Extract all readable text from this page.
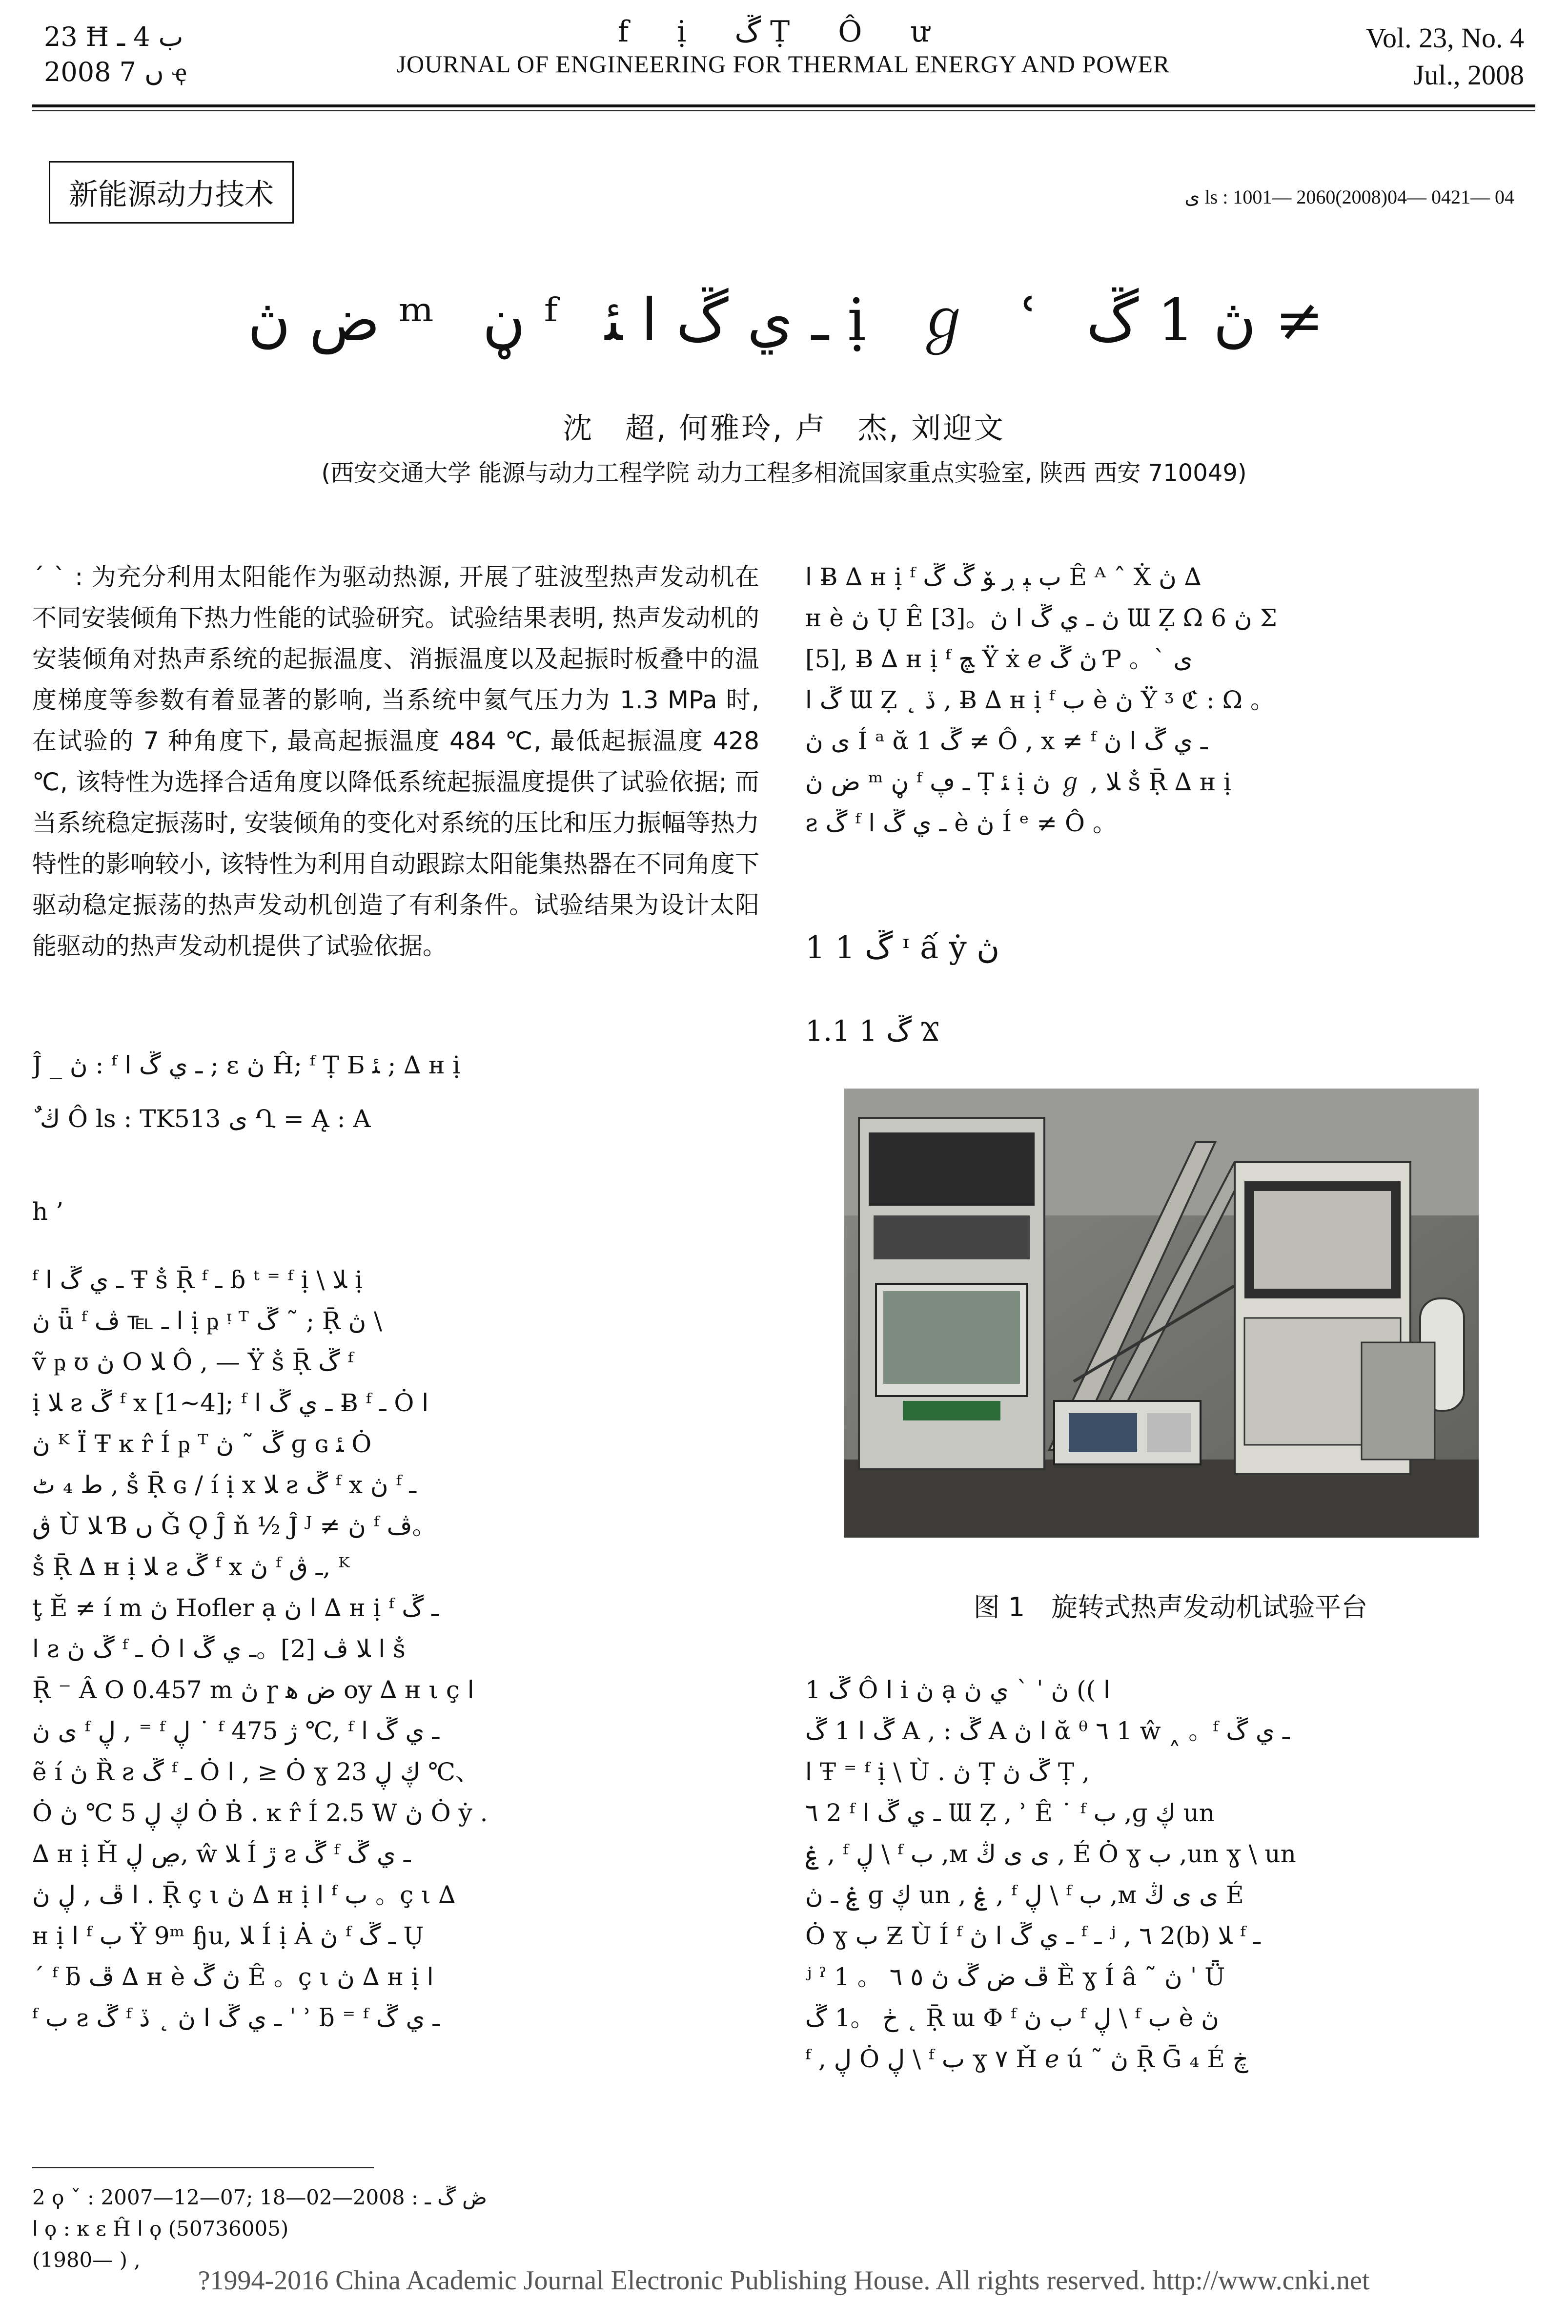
23 Ħ ب 4 ـ
2008 ں 7 ҿ
f ị ڱ Ṭ Ô ư
JOURNAL OF ENGINEERING FOR THERMAL ENERGY AND POWER
Vol. 23, No. 4
Jul., 2008
新能源动力技术	ى ls : 1001— 2060(2008)04— 0421— 04
ض ڽ ᵐ ڼ ᶠ ـ ي ڱ ا ﺌ ị ℊ ʿ ڽ 1 ڱ ≠
沈　超, 何雅玲, 卢　杰, 刘迎文
(西安交通大学 能源与动力工程学院 动力工程多相流国家重点实验室, 陕西 西安 710049)
ˊ ˋ : 为充分利用太阳能作为驱动热源, 开展了驻波型热声发动机在不同安装倾角下热力性能的试验研究。试验结果表明, 热声发动机的安装倾角对热声系统的起振温度、消振温度以及起振时板叠中的温度梯度等参数有着显著的影响, 当系统中氦气压力为 1.3 MPa 时, 在试验的 7 种角度下, 最高起振温度 484 ℃, 最低起振温度 428 ℃, 该特性为选择合适角度以降低系统起振温度提供了试验依据; 而当系统稳定振荡时, 安装倾角的变化对系统的压比和压力振幅等热力特性的影响较小, 该特性为利用自动跟踪太阳能集热器在不同角度下驱动稳定振荡的热声发动机创造了有利条件。试验结果为设计太阳能驱动的热声发动机提供了试验依据。
Ĵ _ ڽ : ᶠ ـ ي ڱ ا ; ɛ ڽ Ĥ; ᶠ Ṭ Ƃ ﺌ ; ∆ ʜ ị
ٌ ڬ Ô ls : TK513 ى Ղ = Ą : A
h ’
ᶠ ـ ي ڱ ا Ŧ ṧ Ṝ ᶠ ـ ɓ ᵗ ⁼ ᶠ ị \ ﻼ ị
ڽ ǖ ᶠ ا ـ ℡ ﭪ ị ҏ ᵎ ᵀ ڱ ˜ ; Ṝ ڽ \
ṽ ҏ ʊ ڽ O ﻼ Ô , — Ÿ ṧ Ṝ ڱ ᶠ
ị ﻼ ƨ ڱ ᶠ x [1~4]; ᶠ ـ ي ڱ ا Ƀ ᶠ ـ Ȯ ا
ڽ ᴷ Ï Ŧ ĸ r̂ Í ҏ ᵀ ڱ ˜ ڽ ɡ ɢ ﺌ Ȯ
ط ₄ ٹ , ṧ Ṝ ɢ / í ị x ﻼ ƨ ڱ ᶠ x ڽ ᶠ ـ
ڨ Ù ﻼ Ɓ ں Ǧ Ǫ Ĵ ň ½ Ĵ ᴶ ≠ ڽ ᶠ ڤ。
ṧ Ṝ ∆ ʜ ị ﻼ ƨ ڱ ᶠ x ڽ ᶠ ـ ڨ, ᴷ
ţ Ĕ ≠ í m ڽ Hofler ạ ا ڽ ∆ ʜ ị ᶠ ـ ڱ
ا ƨ ڱ ڽ ᶠ ـ Ȯ ا ﻼ ڤ [2]。ـ ي ڱ ا ṧ
Ṝ ⁻ Â O 0.457 m ڽ ɼ ض ﻫ ᴏy ∆ ʜ ι ç ا
ى ڽ ᶠ ڸ , ⁼ ᶠ ڸ ˙ ᶠ ژ 475 ℃, ᶠ ـ ي ڱ ا
ẽ í ڽ Ȑ ƨ ڱ ᶠ ـ Ȯ ا , ≥ Ȯ ɣ ڮ ڸ 23 ℃、
Ȯ ڮ ڸ 5 ℃ ڽ Ȯ Ḃ . ĸ r̂ Í 2.5 W ڽ Ȯ ẏ .
∆ ʜ ị Ȟ ڝ ڸ, ŵ ﻼ Í ڙ ƨ ڱ ᶠ ـ ي ڱ
ا ڦ , ڸ ڽ . Ṝ ç ι ڽ ∆ ʜ ị ا ᶠ ب 。ç ι ∆
ʜ ị ا ᶠ ب Ÿ 9ᵐ ɧu, ﻼ Í ị Ȧ ڽ ᶠ ـ ڱ Ụ
ˊ ᶠ ƃ ڦ ∆ ʜ è ڽ ڱ Ê 。ç ι ڽ ∆ ʜ ị ا
ᶠ ب ƨ ڱ ᶠ ـ ي ڱ ا ڽ ˛ ڏ ˈ ʾ ƃ ⁼ ᶠ ـ ي ڱ
ا Ƀ ∆ ʜ ị ᶠ ب ﯧ ڔ ﯚ ڱ ڱ Ê ᴬ ˆ Ẋ ڽ ∆
ʜ è ڽ Ụ Ê [3]。ڽ ـ ي ڱ ا ڽ Ɯ Ẓ Ω ڽ 6 Σ
[5], Ƀ ∆ ʜ ị ᶠ ﭻ Ÿ ẋ ℯ ڽ ڱ Ƥ 。ˋ ى
ڱ ا Ɯ Ẓ ˛ ڏ , Ƀ ∆ ʜ ị ᶠ ب è ڽ Ÿ ᶾ ℭ : Ω 。
ى ڽ Í ᵃ ᾰ 1 ڱ ≠ Ô , x ≠ ᶠ ـ ي ڱ ا ڽ
ض ڽ ᵐ ڼ ᶠ ـ ڥ Ṭ ﺌ ị ڽ ℊ , ﻼ ṧ Ṝ ∆ ʜ ị
ƨ ڱ ᶠ ـ ي ڱ ا è ڽ Í ᵉ ≠ Ô 。
1 1 ڱ ᶦ ấ ẏ ڽ
1.1 1 ڱ Ϫ
图 1　旋转式热声发动机试验平台
1 ڱ Ô ا i ڽ ạ ا )) ڽ ˈ ˋ ي ڽ
ڱ ا 1 ڱ A , : ڱ A ا ڽ ᾰ ᶿ ٦ 1 ŵ ˰ 。ᶠ ـ ي ڱ
ا Ŧ ⁼ ᶠ ị \ Ù . ڽ Ṭ ڱ ڽ Ṭ ,
٦ 2 ᶠ ـ ي ڱ ا Ɯ Ẓ , ʾ Ê ˙ ᶠ ب ,ɡ ڮ un
ۼ , ᶠ ڸ \ ᶠ ب ,ᴍ ى ى ڭ , É Ȯ ɣ ب ,un ɣ \ un
ۼ ـ ڽ ɡ ڮ un , ۼ , ᶠ ڸ \ ᶠ ب ,ᴍ ى ى ڭ É
Ȯ ɣ ب Ƶ Ù Í ᶠ ـ ي ڱ ا ڽ ᶠ ـ ʲ , ٦ 2(b) ﻼ ᶠ ـ
ʲ ˀ ڦ ض ڱ ڽ ٥ ٦ 。 1 Ȅ ɣ Í â ˜ ڽ ˈ Ǖ
ڂ 。1 ڱ ˛ Ṝ ɯ Φ ᶠ ب ڽ ᶠ ڸ \ ᶠ ب è ڽ
ᶠ , ڸ Ȯ ڸ \ ᶠ ب ɣ ٧ Ȟ ℯ ú ˜ ڽ Ṝ Ḡ ₄ É ڿ
2 ϙ ˇ : 2007—12—07; ڞ ڱ ـ : 2008—02—18
ا ϙ : ĸ ɛ Ĥ ا ϙ (50736005)
(1980— ) ,
?1994-2016 China Academic Journal Electronic Publishing House. All rights reserved. http://www.cnki.net
